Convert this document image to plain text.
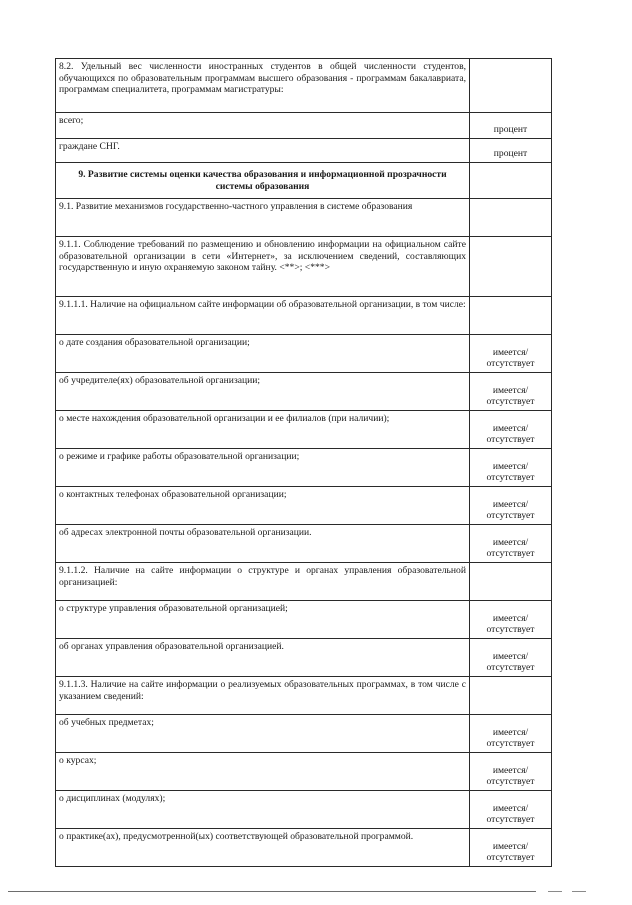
8.2. Удельный вес численности иностранных студентов в общей численности студентов, обучающихся по образовательным программам высшего образования - программам бакалавриата, программам специалитета, программам магистратуры:	
всего;	процент
граждане СНГ.	процент
9. Развитие системы оценки качества образования и информационной прозрачности системы образования	
9.1. Развитие механизмов государственно-частного управления в системе образования	
9.1.1. Соблюдение требований по размещению и обновлению информации на официальном сайте образовательной организации в сети «Интернет», за исключением сведений, составляющих государственную и иную охраняемую законом тайну. <**>; <***>	
9.1.1.1. Наличие на официальном сайте информации об образовательной организации, в том числе:	
о дате создания образовательной организации;	имеется/отсутствует
об учредителе(ях) образовательной организации;	имеется/отсутствует
о месте нахождения образовательной организации и ее филиалов (при наличии);	имеется/отсутствует
о режиме и графике работы образовательной организации;	имеется/отсутствует
о контактных телефонах образовательной организации;	имеется/отсутствует
об адресах электронной почты образовательной организации.	имеется/отсутствует
9.1.1.2. Наличие на сайте информации о структуре и органах управления образовательной организацией:	
о структуре управления образовательной организацией;	имеется/отсутствует
об органах управления образовательной организацией.	имеется/отсутствует
9.1.1.3. Наличие на сайте информации о реализуемых образовательных программах, в том числе с указанием сведений:	
об учебных предметах;	имеется/отсутствует
о курсах;	имеется/отсутствует
о дисциплинах (модулях);	имеется/отсутствует
о практике(ах), предусмотренной(ых) соответствующей образовательной программой.	имеется/отсутствует
